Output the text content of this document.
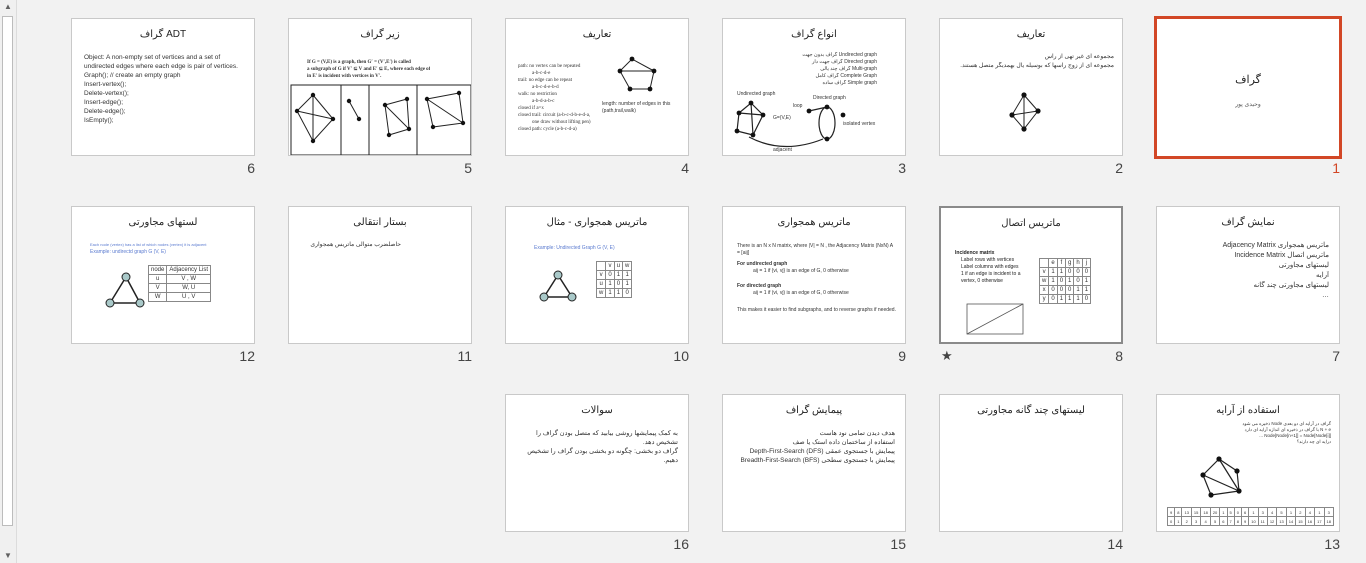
▲
▼
گراف
وحیدی پور
1
تعاریف
مجموعه ای غیر تهی از راس
مجموعه ای از زوج راسها که بوسیله یال بهمدیگر متصل هستند.
2
انواع گراف
Undirected graph گراف بدون جهت
Directed graph گراف جهت دار
Multi-graph گراف چند یالی
Complete Graph گراف کامل
Simple graph گراف ساده
Undirected graph
Directed graph
loop
isolated vertex
adjacent
G=(V,E)
3
تعاریف
path: no vertex can be repeated
a-b-c-d-e
trail: no edge can be repeat
a-b-c-d-e-b-d
walk: no restriction
a-b-d-a-b-c
closed if a=x
closed trail: circuit (a-b-c-d-b-e-d-a,
one draw without lifting pen)
closed path: cycle (a-b-c-d-a)
length: number of edges in this (path,trail,walk)
4
زیر گراف
If G = (V,E) is a graph, then G′ = (V′,E′) is called
a subgraph of G if V′ ⊆ V and E′ ⊆ E, where each edge of
in E′ is incident with vertices in V′.
5
گراف ADT
Object: A non-empty set of vertices and a set of undirected edges where each edge is pair of vertices.
Graph(); // create an empty graph
Insert-vertex();
Delete-vertex();
Insert-edge();
Delete-edge();
IsEmpty();
6
نمایش گراف
ماتریس همجواری Adjacency Matrix
ماتریس اتصال Incidence Matrix
لیستهای مجاورتی
آرایه
لیستهای مجاورتی چند گانه
…
7
ماتریس اتصال
Incidence matrix
Label rows with vertices
Label columns with edges
1 if an edge is incident to a vertex, 0 otherwise
	e	f	g	h	j
v	1	1	0	0	0
w	1	0	1	0	1
x	0	0	0	1	1
y	0	1	1	1	0
8
★
ماتریس همجواری
There is an N x N matrix, where |V| = N , the Adjacency Matrix (NxN) A = [aij]
For undirected graph
aij = 1 if {vi, vj} is an edge of G, 0 otherwise
For directed graph
aij = 1 if (vi, vj) is an edge of G, 0 otherwise
This makes it easier to find subgraphs, and to reverse graphs if needed.
9
ماتریس همجواری - مثال
Example: Undirected Graph G (V, E)
	v	u	w
v	0	1	1
u	1	0	1
w	1	1	0
10
بستار انتقالی
حاصلضرب متوالی ماتریس همجواری
11
لستهای مجاورتی
Each node (vertex) has a list of which nodes (vertex) it is adjacent
Example: undirectd graph G (V, E)
node	Adjacency List
u	V , W
V	W, U
W	U , V
12
استفاده از آرایه
گراف در آرایه ای دو بعدی Node ذخیره می شود
N + e با گراف در ذخیره ای اندازه آرایه ای دارد
Node[Node[n+1]] = Node[Node[i]] ...
درایه ای چه دارند؟
9	8	13	15	18	20	1	5	0	6	1	3	4	5	1	2	4	1	3
0	1	2	3	4	5	6	7	8	9	10	11	12	13	14	15	16	17	18
13
لیستهای چند گانه مجاورتی
14
پیمایش گراف
هدف دیدن تمامی نود هاست
استفاده از ساختمان داده استک یا صف
پیمایش با جستجوی عمقی Depth-First-Search (DFS)
پیمایش با جستجوی سطحی Breadth-First-Search (BFS)
15
سوالات
به کمک پیمایشها روشی بیابید که متصل بودن گراف را تشخیص دهد.
گراف دو بخشی: چگونه دو بخشی بودن گراف را تشخیص دهیم.
16
